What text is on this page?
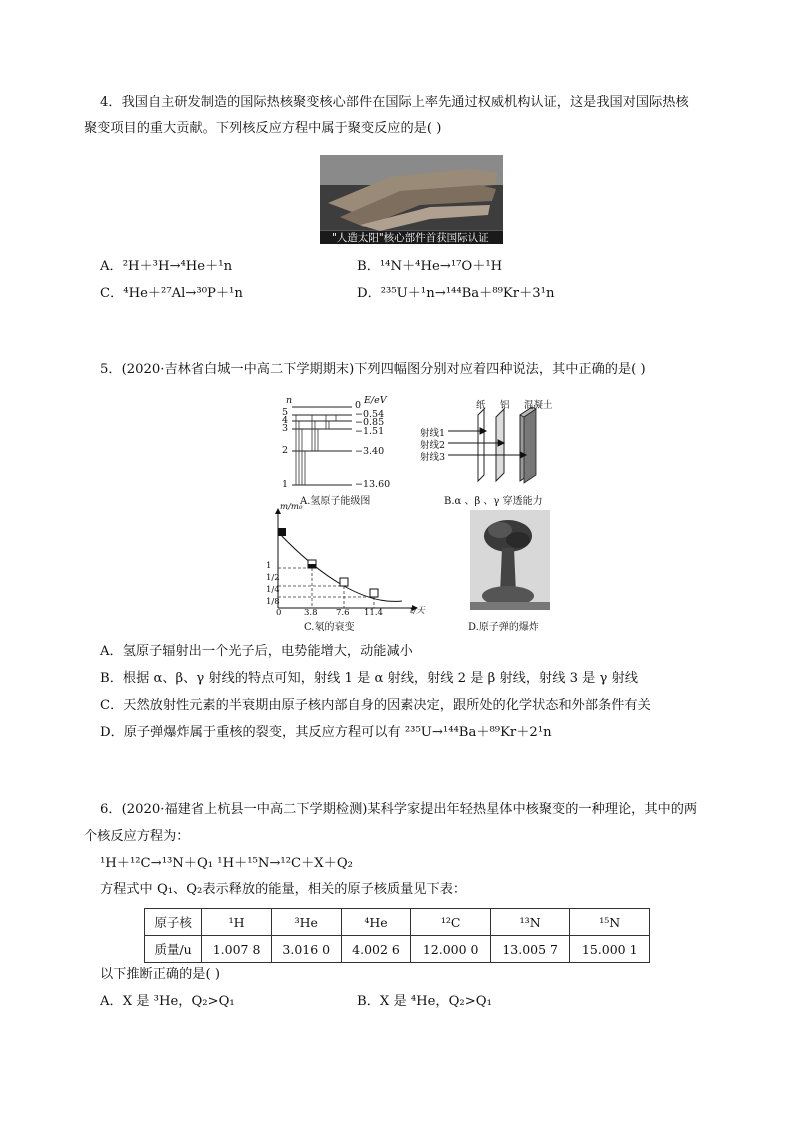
4．我国自主研发制造的国际热核聚变核心部件在国际上率先通过权威机构认证，这是我国对国际热核
聚变项目的重大贡献。下列核反应方程中属于聚变反应的是( )
"人造太阳"核心部件首获国际认证
A．²H＋³H→⁴He＋¹n	B．¹⁴N＋⁴He→¹⁷O＋¹H
C．⁴He＋²⁷Al→³⁰P＋¹n	D．²³⁵U＋¹n→¹⁴⁴Ba＋⁸⁹Kr＋3¹n
5．(2020·吉林省白城一中高二下学期期末)下列四幅图分别对应着四种说法，其中正确的是( )
n	E/eV
5
4
3
2
1
0
−0.54
−0.85
−1.51
−3.40
−13.60
A.氢原子能级图
纸 铝 混凝土
射线1
射线2
射线3
B.α 、β 、γ 穿透能力
m/m₀
1
1/2
1/4
1/8
0	3.8 7.6 11.4	t/天
C.氡的衰变	D.原子弹的爆炸
A．氢原子辐射出一个光子后，电势能增大，动能减小
B．根据 α、β、γ 射线的特点可知，射线 1 是 α 射线，射线 2 是 β 射线，射线 3 是 γ 射线
C．天然放射性元素的半衰期由原子核内部自身的因素决定，跟所处的化学状态和外部条件有关
D．原子弹爆炸属于重核的裂变，其反应方程可以有 ²³⁵U→¹⁴⁴Ba＋⁸⁹Kr＋2¹n
6．(2020·福建省上杭县一中高二下学期检测)某科学家提出年轻热星体中核聚变的一种理论，其中的两
个核反应方程为：
¹H＋¹²C→¹³N＋Q₁ ¹H＋¹⁵N→¹²C＋X＋Q₂
方程式中 Q₁、Q₂表示释放的能量，相关的原子核质量见下表：
原子核	¹H	³He	⁴He	¹²C	¹³N	¹⁵N
质量/u	1.007 8	3.016 0	4.002 6	12.000 0	13.005 7	15.000 1
以下推断正确的是( )
A．X 是 ³He，Q₂>Q₁	B．X 是 ⁴He，Q₂>Q₁
